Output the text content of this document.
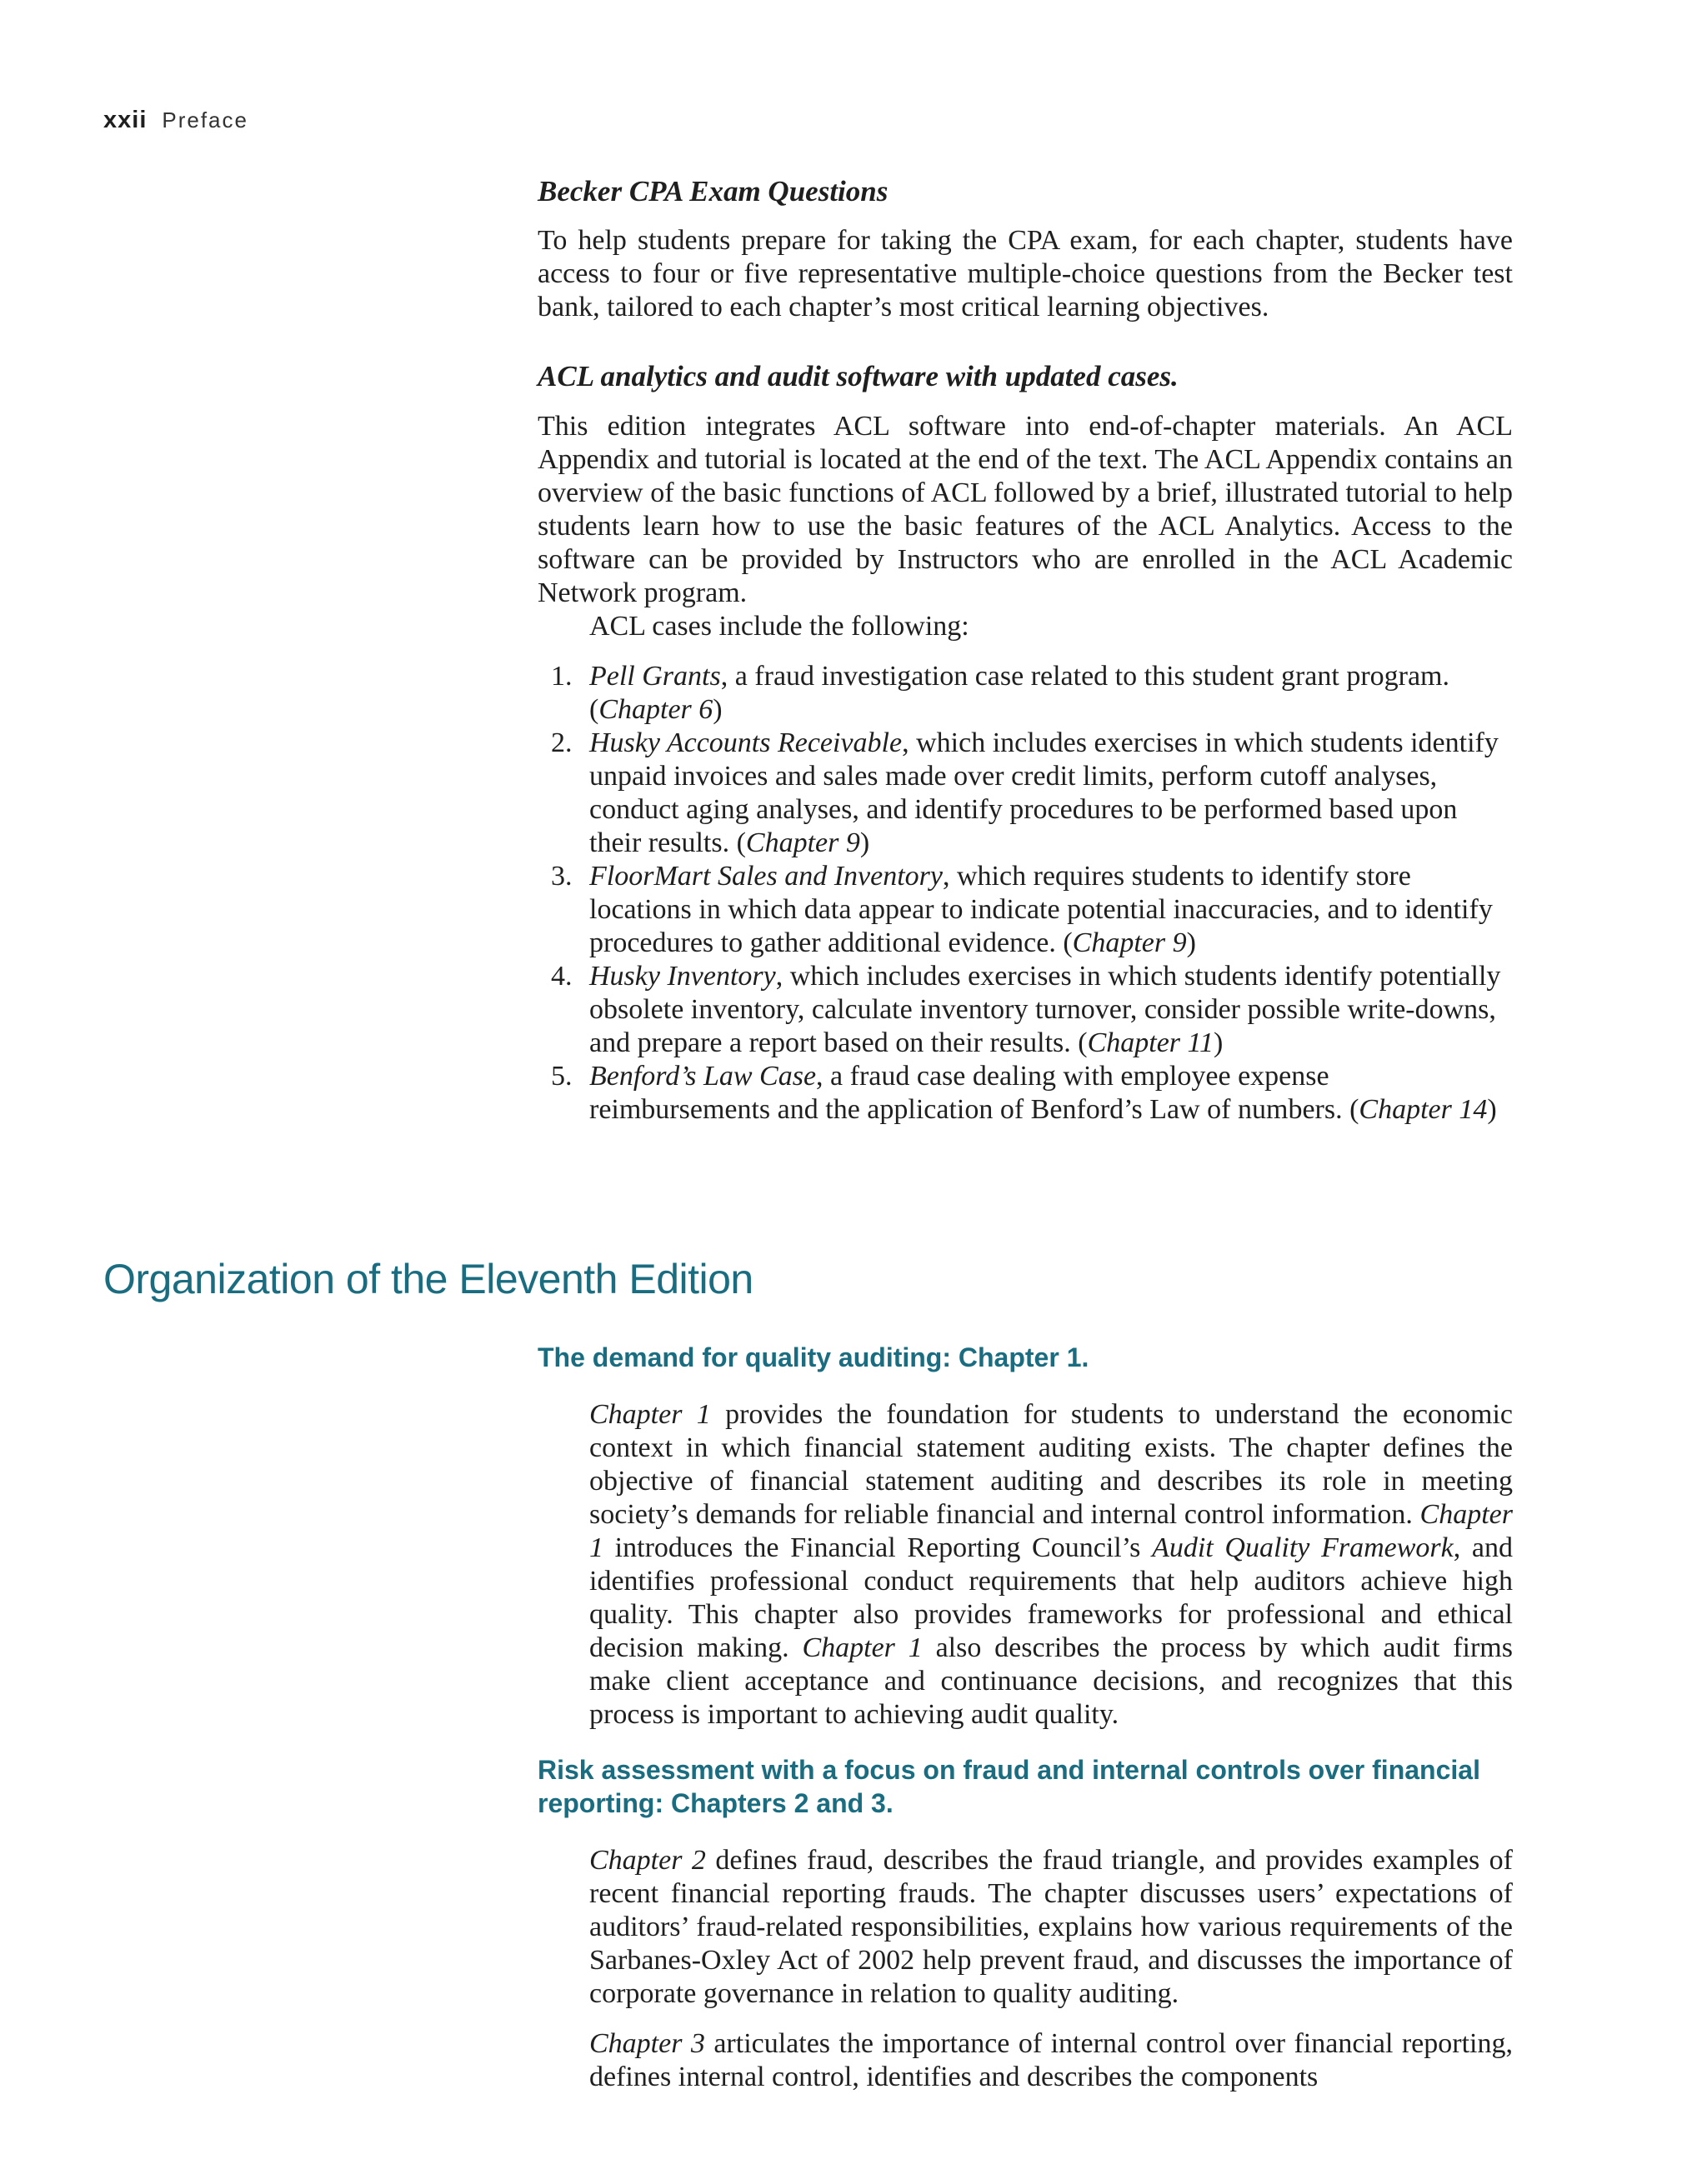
xxii Preface

Becker CPA Exam Questions

To help students prepare for taking the CPA exam, for each chapter, students have access to four or five representative multiple-choice questions from the Becker test bank, tailored to each chapter’s most critical learning objectives.

ACL analytics and audit software with updated cases.

This edition integrates ACL software into end-of-chapter materials. An ACL Appendix and tutorial is located at the end of the text. The ACL Appendix contains an overview of the basic functions of ACL followed by a brief, illustrated tutorial to help students learn how to use the basic features of the ACL Analytics. Access to the software can be provided by Instructors who are enrolled in the ACL Academic Network program.

ACL cases include the following:

1. Pell Grants, a fraud investigation case related to this student grant program. (Chapter 6)
2. Husky Accounts Receivable, which includes exercises in which students identify unpaid invoices and sales made over credit limits, perform cutoff analyses, conduct aging analyses, and identify procedures to be performed based upon their results. (Chapter 9)
3. FloorMart Sales and Inventory, which requires students to identify store locations in which data appear to indicate potential inaccuracies, and to identify procedures to gather additional evidence. (Chapter 9)
4. Husky Inventory, which includes exercises in which students identify potentially obsolete inventory, calculate inventory turnover, consider possible write-downs, and prepare a report based on their results. (Chapter 11)
5. Benford’s Law Case, a fraud case dealing with employee expense reimbursements and the application of Benford’s Law of numbers. (Chapter 14)
Organization of the Eleventh Edition

The demand for quality auditing: Chapter 1.

Chapter 1 provides the foundation for students to understand the economic context in which financial statement auditing exists. The chapter defines the objective of financial statement auditing and describes its role in meeting society’s demands for reliable financial and internal control information. Chapter 1 introduces the Financial Reporting Council’s Audit Quality Framework, and identifies professional conduct requirements that help auditors achieve high quality. This chapter also provides frameworks for professional and ethical decision making. Chapter 1 also describes the process by which audit firms make client acceptance and continuance decisions, and recognizes that this process is important to achieving audit quality.

Risk assessment with a focus on fraud and internal controls over financial reporting: Chapters 2 and 3.

Chapter 2 defines fraud, describes the fraud triangle, and provides examples of recent financial reporting frauds. The chapter discusses users’ expectations of auditors’ fraud-related responsibilities, explains how various requirements of the Sarbanes-Oxley Act of 2002 help prevent fraud, and discusses the importance of corporate governance in relation to quality auditing.

Chapter 3 articulates the importance of internal control over financial reporting, defines internal control, identifies and describes the components
